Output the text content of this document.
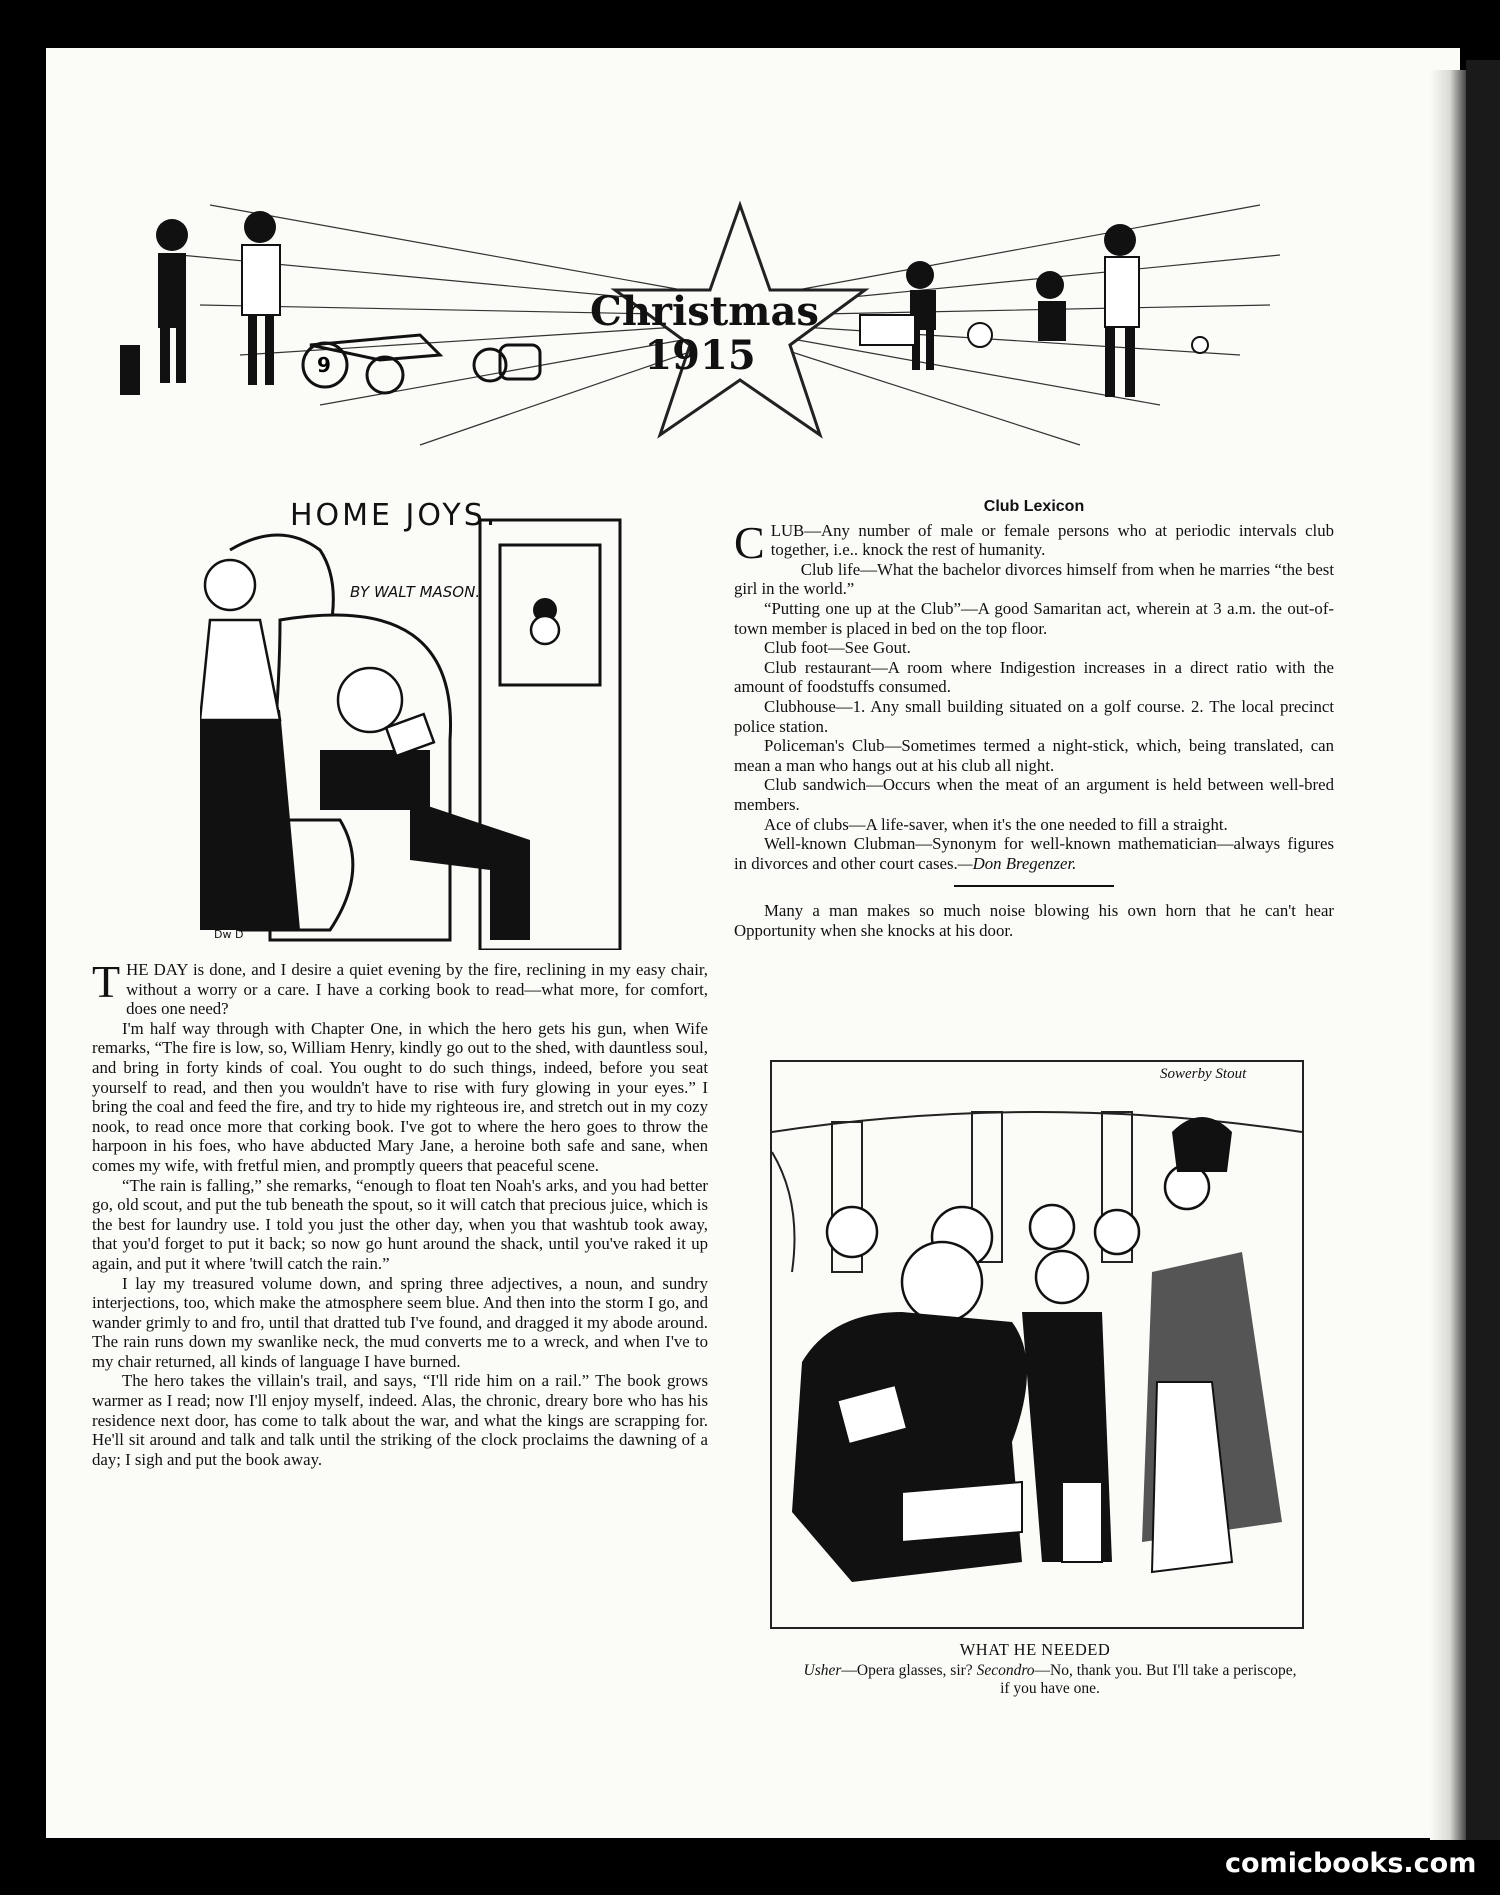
9
Christmas
1915
HOME JOYS.
BY WALT MASON.
Dw D

THE DAY is done, and I desire a quiet evening by the fire, reclining in my easy chair, without a worry or a care. I have a corking book to read—what more, for comfort, does one need?

I'm half way through with Chapter One, in which the hero gets his gun, when Wife remarks, “The fire is low, so, William Henry, kindly go out to the shed, with dauntless soul, and bring in forty kinds of coal. You ought to do such things, indeed, before you seat yourself to read, and then you wouldn't have to rise with fury glowing in your eyes.” I bring the coal and feed the fire, and try to hide my righteous ire, and stretch out in my cozy nook, to read once more that corking book. I've got to where the hero goes to throw the harpoon in his foes, who have abducted Mary Jane, a heroine both safe and sane, when comes my wife, with fretful mien, and promptly queers that peaceful scene.

“The rain is falling,” she remarks, “enough to float ten Noah's arks, and you had better go, old scout, and put the tub beneath the spout, so it will catch that precious juice, which is the best for laundry use. I told you just the other day, when you that washtub took away, that you'd forget to put it back; so now go hunt around the shack, until you've raked it up again, and put it where 'twill catch the rain.”

I lay my treasured volume down, and spring three adjectives, a noun, and sundry interjections, too, which make the atmosphere seem blue. And then into the storm I go, and wander grimly to and fro, until that dratted tub I've found, and dragged it my abode around. The rain runs down my swanlike neck, the mud converts me to a wreck, and when I've to my chair returned, all kinds of language I have burned.

The hero takes the villain's trail, and says, “I'll ride him on a rail.” The book grows warmer as I read; now I'll enjoy myself, indeed. Alas, the chronic, dreary bore who has his residence next door, has come to talk about the war, and what the kings are scrapping for. He'll sit around and talk and talk until the striking of the clock proclaims the dawning of a day; I sigh and put the book away.

Club Lexicon

CLUB—Any number of male or female persons who at periodic intervals club together, i.e.. knock the rest of humanity.

Club life—What the bachelor divorces himself from when he marries “the best girl in the world.”

“Putting one up at the Club”—A good Samaritan act, wherein at 3 a.m. the out-of-town member is placed in bed on the top floor.

Club foot—See Gout.

Club restaurant—A room where Indigestion increases in a direct ratio with the amount of foodstuffs consumed.

Clubhouse—1. Any small building situated on a golf course. 2. The local precinct police station.

Policeman's Club—Sometimes termed a night-stick, which, being translated, can mean a man who hangs out at his club all night.

Club sandwich—Occurs when the meat of an argument is held between well-bred members.

Ace of clubs—A life-saver, when it's the one needed to fill a straight.

Well-known Clubman—Synonym for well-known mathematician—always figures in divorces and other court cases.—Don Bregenzer.

Many a man makes so much noise blowing his own horn that he can't hear Opportunity when she knocks at his door.

Sowerby Stout
WHAT HE NEEDED
Usher—Opera glasses, sir? Secondro—No, thank you. But I'll take a periscope, if you have one.
comicbooks.com
